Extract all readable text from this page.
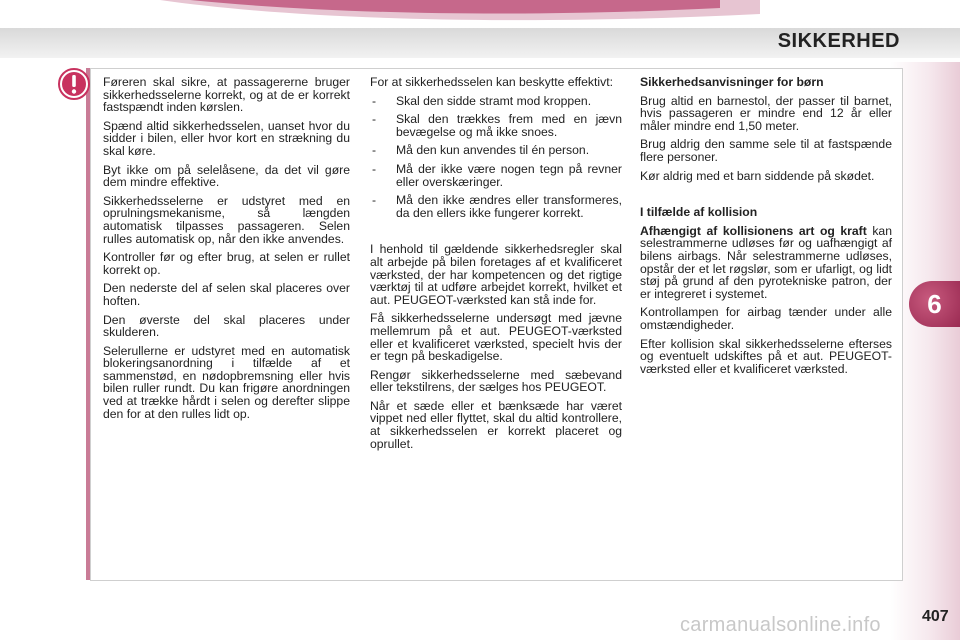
SIKKERHED
6

Føreren skal sikre, at passagererne bruger sikkerhedsselerne korrekt, og at de er korrekt fastspændt inden kørslen.

Spænd altid sikkerhedsselen, uanset hvor du sidder i bilen, eller hvor kort en strækning du skal køre.

Byt ikke om på selelåsene, da det vil gøre dem mindre effektive.

Sikkerhedsselerne er udstyret med en oprulningsmekanisme, så længden automatisk tilpasses passageren. Selen rulles automatisk op, når den ikke anvendes.

Kontroller før og efter brug, at selen er rullet korrekt op.

Den nederste del af selen skal placeres over hoften.

Den øverste del skal placeres under skulderen.

Selerullerne er udstyret med en automatisk blokeringsanordning i tilfælde af et sammenstød, en nødopbremsning eller hvis bilen ruller rundt. Du kan frigøre anordningen ved at trække hårdt i selen og derefter slippe den for at den rulles lidt op.

For at sikkerhedsselen kan beskytte effektivt:

- Skal den sidde stramt mod kroppen.
- Skal den trækkes frem med en jævn bevægelse og må ikke snoes.
- Må den kun anvendes til én person.
- Må der ikke være nogen tegn på revner eller overskæringer.
- Må den ikke ændres eller transformeres, da den ellers ikke fungerer korrekt.

I henhold til gældende sikkerhedsregler skal alt arbejde på bilen foretages af et kvalificeret værksted, der har kompetencen og det rigtige værktøj til at udføre arbejdet korrekt, hvilket et aut. PEUGEOT-værksted kan stå inde for.

Få sikkerhedsselerne undersøgt med jævne mellemrum på et aut. PEUGEOT-værksted eller et kvalificeret værksted, specielt hvis der er tegn på beskadigelse.

Rengør sikkerhedsselerne med sæbevand eller tekstilrens, der sælges hos PEUGEOT.

Når et sæde eller et bænksæde har været vippet ned eller flyttet, skal du altid kontrollere, at sikkerhedsselen er korrekt placeret og oprullet.

Sikkerhedsanvisninger for børn

Brug altid en barnestol, der passer til barnet, hvis passageren er mindre end 12 år eller måler mindre end 1,50 meter.

Brug aldrig den samme sele til at fastspænde flere personer.

Kør aldrig med et barn siddende på skødet.

I tilfælde af kollision

Afhængigt af kollisionens art og kraft kan selestrammerne udløses før og uafhængigt af bilens airbags. Når selestrammerne udløses, opstår der et let røgslør, som er ufarligt, og lidt støj på grund af den pyrotekniske patron, der er integreret i systemet.

Kontrollampen for airbag tænder under alle omstændigheder.

Efter kollision skal sikkerhedsselerne efterses og eventuelt udskiftes på et aut. PEUGEOT-værksted eller et kvalificeret værksted.

carmanualsonline.info	407
